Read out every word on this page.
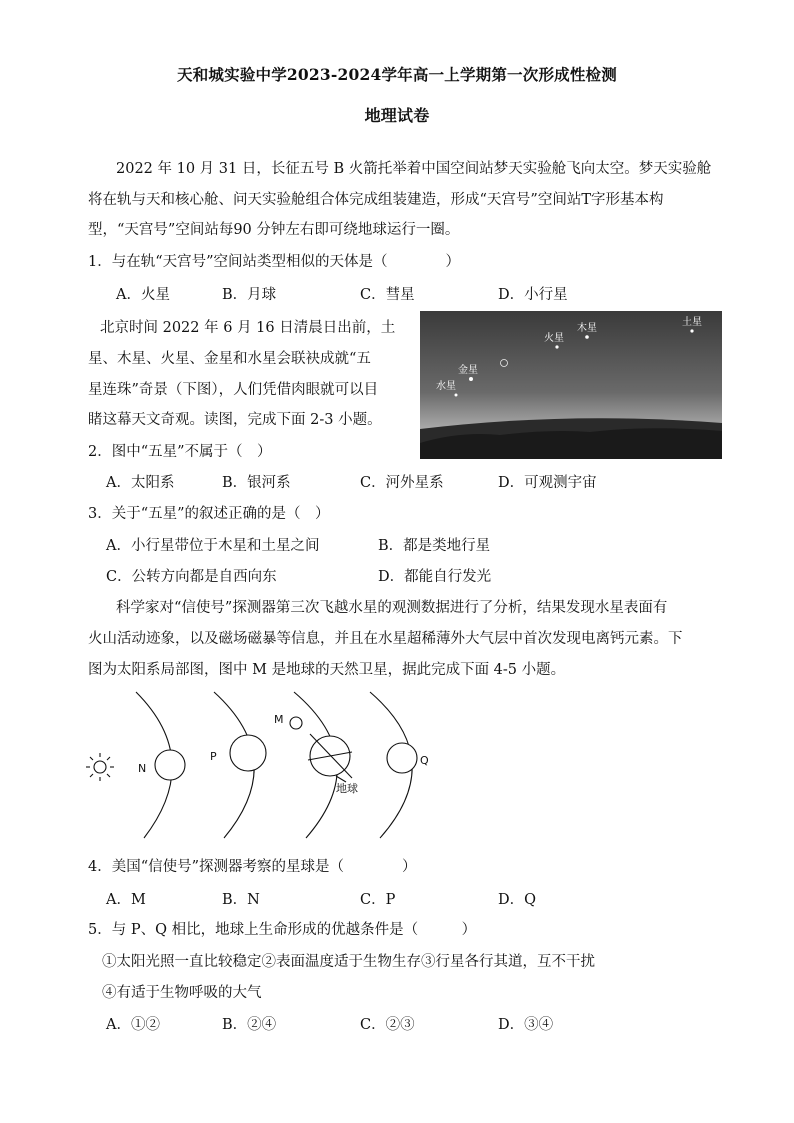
天和城实验中学2023-2024学年高一上学期第一次形成性检测
地理试卷
2022 年 10 月 31 日，长征五号 B 火箭托举着中国空间站梦天实验舱飞向太空。梦天实验舱
将在轨与天和核心舱、问天实验舱组合体完成组装建造，形成“天宫号”空间站T字形基本构
型，“天宫号”空间站每90 分钟左右即可绕地球运行一圈。
1．与在轨“天宫号”空间站类型相似的天体是（　　　　）
A．火星	B．月球	C．彗星	D．小行星
北京时间 2022 年 6 月 16 日清晨日出前，土
星、木星、火星、金星和水星会联袂成就“五
星连珠”奇景（下图），人们凭借肉眼就可以目
睹这幕天文奇观。读图，完成下面 2-3 小题。
土星
木星
火星
金星
水星
2．图中“五星”不属于（　）
A．太阳系	B．银河系	C．河外星系	D．可观测宇宙
3．关于“五星”的叙述正确的是（　）
A．小行星带位于木星和土星之间	B．都是类地行星
C．公转方向都是自西向东	D．都能自行发光
科学家对“信使号”探测器第三次飞越水星的观测数据进行了分析，结果发现水星表面有
火山活动迹象，以及磁场磁暴等信息，并且在水星超稀薄外大气层中首次发现电离钙元素。下
图为太阳系局部图，图中 M 是地球的天然卫星，据此完成下面 4-5 小题。
N
P
M
Q
地球
4．美国“信使号”探测器考察的星球是（　　　　）
A．M	B．N	C．P	D．Q
5．与 P、Q 相比，地球上生命形成的优越条件是（　　　）
①太阳光照一直比较稳定②表面温度适于生物生存③行星各行其道，互不干扰
④有适于生物呼吸的大气
A．①②	B．②④	C．②③	D．③④
